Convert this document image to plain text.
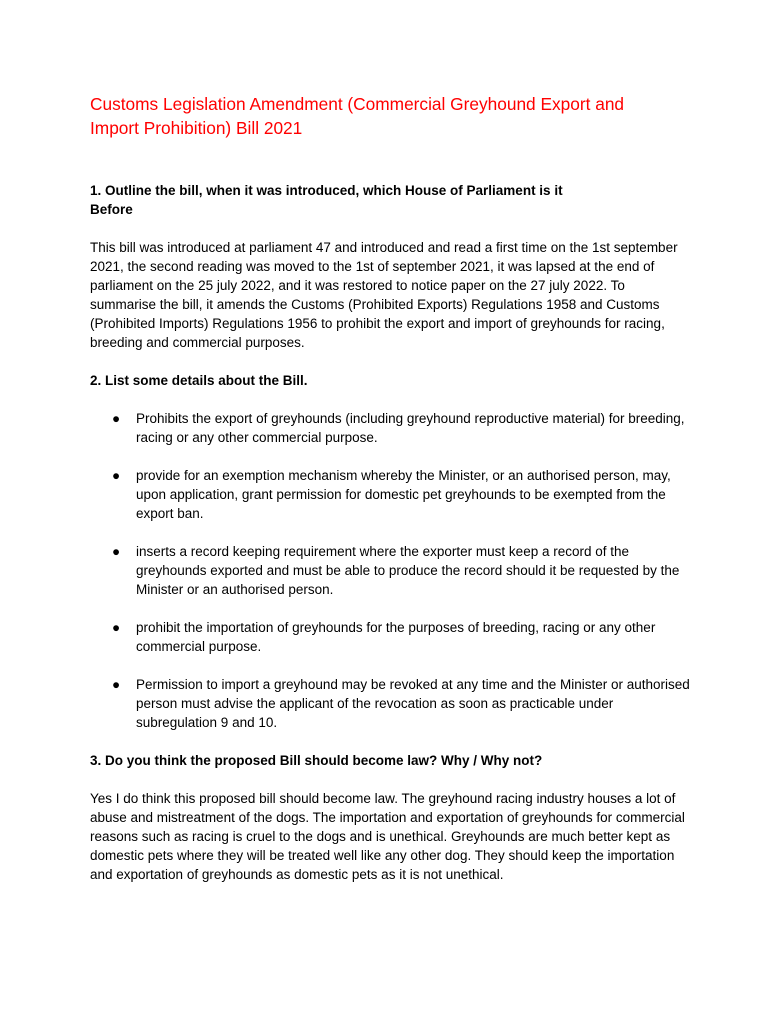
Customs Legislation Amendment (Commercial Greyhound Export and
Import Prohibition) Bill 2021

1. Outline the bill, when it was introduced, which House of Parliament is it
Before

This bill was introduced at parliament 47 and introduced and read a first time on the 1st september 2021, the second reading was moved to the 1st of september 2021, it was lapsed at the end of parliament on the 25 july 2022, and it was restored to notice paper on the 27 july 2022. To summarise the bill, it amends the Customs (Prohibited Exports) Regulations 1958 and Customs (Prohibited Imports) Regulations 1956 to prohibit the export and import of greyhounds for racing, breeding and commercial purposes.

2. List some details about the Bill.

● Prohibits the export of greyhounds (including greyhound reproductive material) for breeding, racing or any other commercial purpose.
● provide for an exemption mechanism whereby the Minister, or an authorised person, may, upon application, grant permission for domestic pet greyhounds to be exempted from the export ban.
● inserts a record keeping requirement where the exporter must keep a record of the greyhounds exported and must be able to produce the record should it be requested by the Minister or an authorised person.
● prohibit the importation of greyhounds for the purposes of breeding, racing or any other commercial purpose.
● Permission to import a greyhound may be revoked at any time and the Minister or authorised person must advise the applicant of the revocation as soon as practicable under subregulation 9 and 10.

3. Do you think the proposed Bill should become law? Why / Why not?

Yes I do think this proposed bill should become law. The greyhound racing industry houses a lot of abuse and mistreatment of the dogs. The importation and exportation of greyhounds for commercial reasons such as racing is cruel to the dogs and is unethical. Greyhounds are much better kept as domestic pets where they will be treated well like any other dog. They should keep the importation and exportation of greyhounds as domestic pets as it is not unethical.
